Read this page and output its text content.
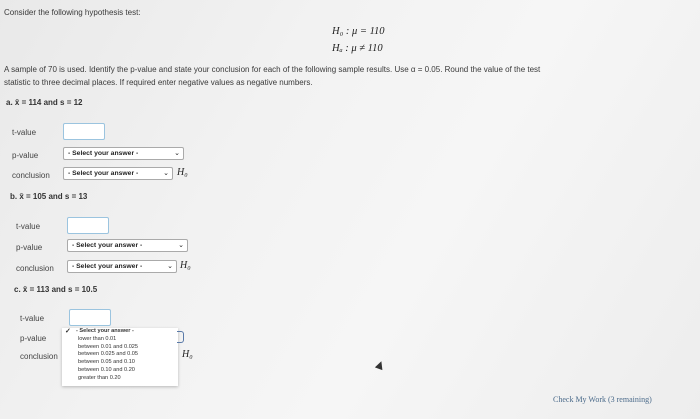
Consider the following hypothesis test:
H₀ : μ = 110
Hₐ : μ ≠ 110
A sample of 70 is used. Identify the p-value and state your conclusion for each of the following sample results. Use α = 0.05. Round the value of the test
statistic to three decimal places. If required enter negative values as negative numbers.
a. x̄ = 114 and s = 12
t-value
p-value	- Select your answer -	⌄
conclusion	- Select your answer -	⌄ H₀
b. x̄ = 105 and s = 13
t-value
p-value	- Select your answer -	⌄
conclusion	- Select your answer -	⌄ H₀
c. x̄ = 113 and s = 10.5
t-value
p-value
conclusion	H₀
✓ - Select your answer -
lower than 0.01
between 0.01 and 0.025
between 0.025 and 0.05
between 0.05 and 0.10
between 0.10 and 0.20
greater than 0.20
Check My Work (3 remaining)
